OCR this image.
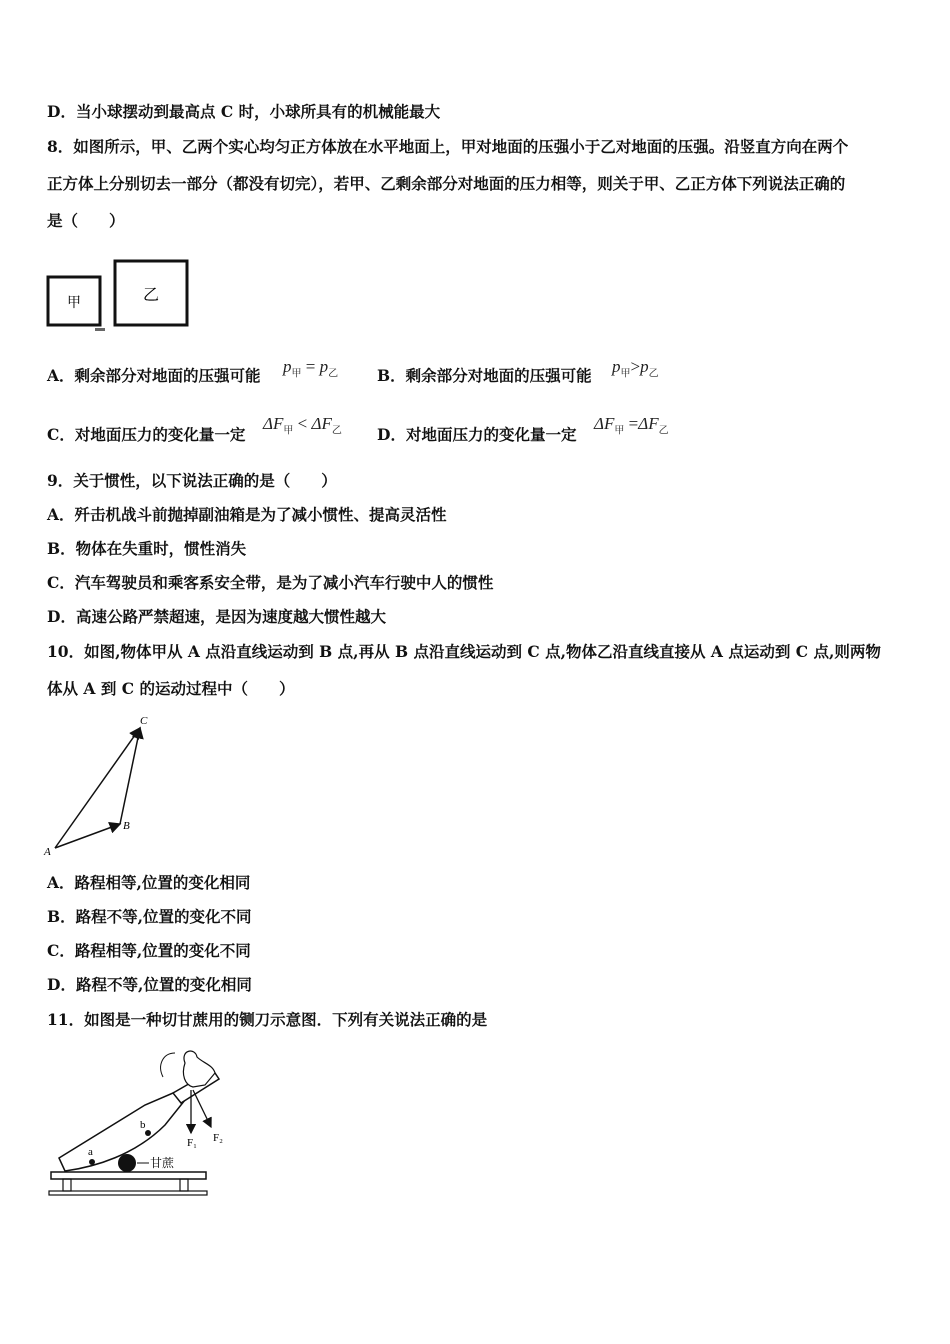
D．当小球摆动到最高点 C 时，小球所具有的机械能最大
8．如图所示，甲、乙两个实心均匀正方体放在水平地面上，甲对地面的压强小于乙对地面的压强。沿竖直方向在两个
正方体上分别切去一部分（都没有切完），若甲、乙剩余部分对地面的压力相等，则关于甲、乙正方体下列说法正确的
是（　　）
甲	乙
A．剩余部分对地面的压强可能 $p_甲 = p_乙$	B．剩余部分对地面的压强可能 $p_甲>p_乙$
C．对地面压力的变化量一定
$\Delta F_甲 < \Delta F_乙$ D．对地面压力的变化量一定
$\Delta F_甲 =\Delta F_乙$
9．关于惯性，以下说法正确的是（　　）
A．歼击机战斗前抛掉副油箱是为了减小惯性、提高灵活性
B．物体在失重时，惯性消失
C．汽车驾驶员和乘客系安全带，是为了减小汽车行驶中人的惯性
D．高速公路严禁超速，是因为速度越大惯性越大
10．如图,物体甲从 A 点沿直线运动到 B 点,再从 B 点沿直线运动到 C 点,物体乙沿直线直接从 A 点运动到 C 点,则两物
体从 A 到 C 的运动过程中（　　）
A
B
C
A．路程相等,位置的变化相同
B．路程不等,位置的变化不同
C．路程相等,位置的变化不同
D．路程不等,位置的变化相同
11．如图是一种切甘蔗用的铡刀示意图．下列有关说法正确的是
a
b
甘蔗
F₁ F₂
